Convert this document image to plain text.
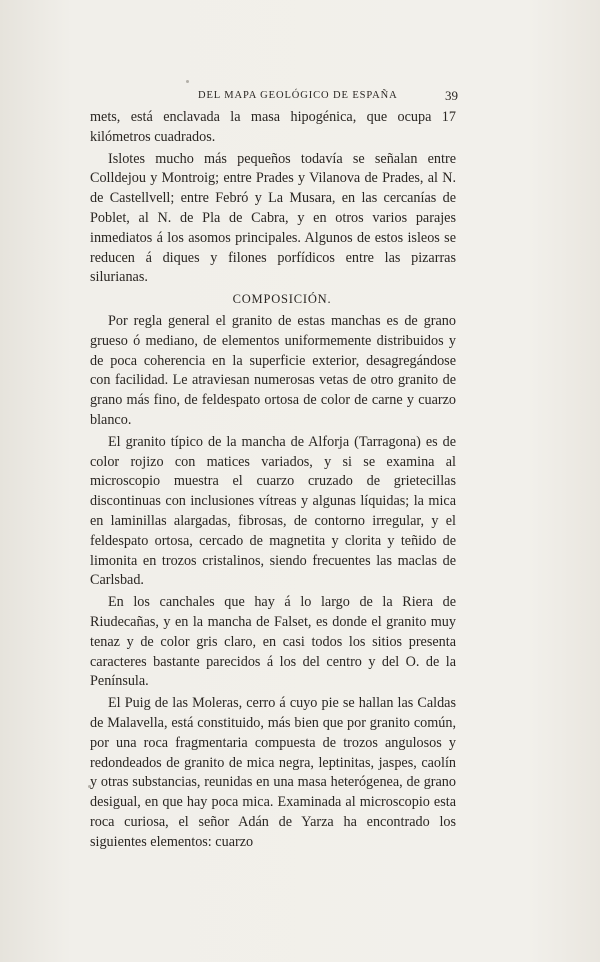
DEL MAPA GEOLÓGICO DE ESPAÑA	39

mets, está enclavada la masa hipogénica, que ocupa 17 kilómetros cuadrados.

Islotes mucho más pequeños todavía se señalan entre Colldejou y Montroig; entre Prades y Vilanova de Prades, al N. de Castellvell; entre Febró y La Musara, en las cercanías de Poblet, al N. de Pla de Cabra, y en otros varios parajes inmediatos á los asomos principales. Algunos de estos isleos se reducen á diques y filones porfídicos entre las pizarras silurianas.

COMPOSICIÓN.

Por regla general el granito de estas manchas es de grano grueso ó mediano, de elementos uniformemente distribuidos y de poca coherencia en la superficie exterior, desagregándose con facilidad. Le atraviesan numerosas vetas de otro granito de grano más fino, de feldespato ortosa de color de carne y cuarzo blanco.

El granito típico de la mancha de Alforja (Tarragona) es de color rojizo con matices variados, y si se examina al microscopio muestra el cuarzo cruzado de grietecillas discontinuas con inclusiones vítreas y algunas líquidas; la mica en laminillas alargadas, fibrosas, de contorno irregular, y el feldespato ortosa, cercado de magnetita y clorita y teñido de limonita en trozos cristalinos, siendo frecuentes las maclas de Carlsbad.

En los canchales que hay á lo largo de la Riera de Riudecañas, y en la mancha de Falset, es donde el granito muy tenaz y de color gris claro, en casi todos los sitios presenta caracteres bastante parecidos á los del centro y del O. de la Península.

El Puig de las Moleras, cerro á cuyo pie se hallan las Caldas de Malavella, está constituido, más bien que por granito común, por una roca fragmentaria compuesta de trozos angulosos y redondeados de granito de mica negra, leptinitas, jaspes, caolín y otras substancias, reunidas en una masa heterógenea, de grano desigual, en que hay poca mica. Examinada al microscopio esta roca curiosa, el señor Adán de Yarza ha encontrado los siguientes elementos: cuarzo
